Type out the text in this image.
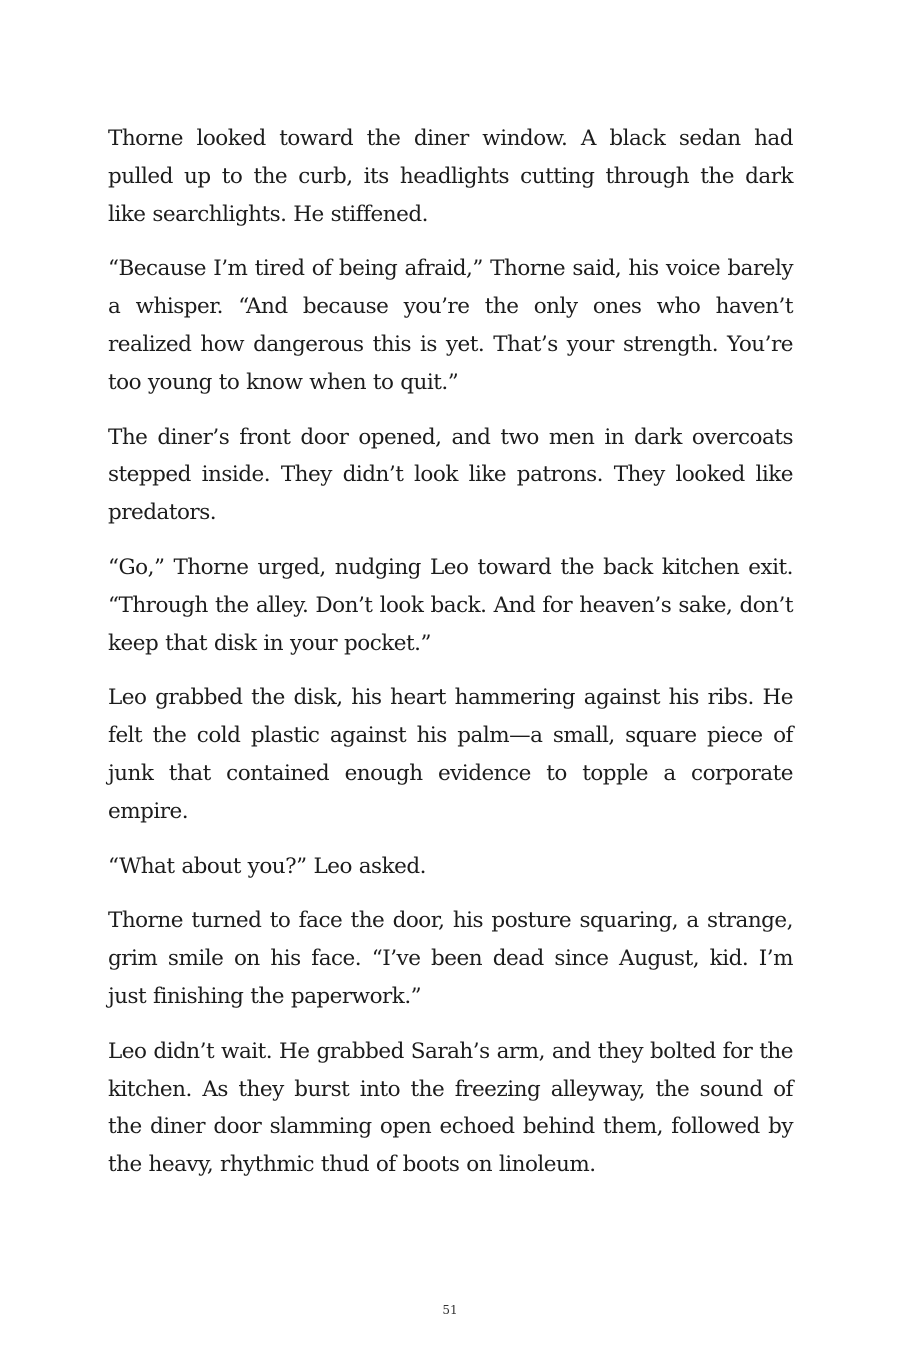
Thorne looked toward the diner window. A black sedan had pulled up to the curb, its headlights cutting through the dark like searchlights. He stiffened.

“Because I’m tired of being afraid,” Thorne said, his voice barely a whisper. “And because you’re the only ones who haven’t realized how dangerous this is yet. That’s your strength. You’re too young to know when to quit.”

The diner’s front door opened, and two men in dark overcoats stepped inside. They didn’t look like patrons. They looked like predators.

“Go,” Thorne urged, nudging Leo toward the back kitchen exit. “Through the alley. Don’t look back. And for heaven’s sake, don’t keep that disk in your pocket.”

Leo grabbed the disk, his heart hammering against his ribs. He felt the cold plastic against his palm—a small, square piece of junk that contained enough evidence to topple a corporate empire.

“What about you?” Leo asked.

Thorne turned to face the door, his posture squaring, a strange, grim smile on his face. “I’ve been dead since August, kid. I’m just finishing the paperwork.”

Leo didn’t wait. He grabbed Sarah’s arm, and they bolted for the kitchen. As they burst into the freezing alleyway, the sound of the diner door slamming open echoed behind them, followed by the heavy, rhythmic thud of boots on linoleum.

51
